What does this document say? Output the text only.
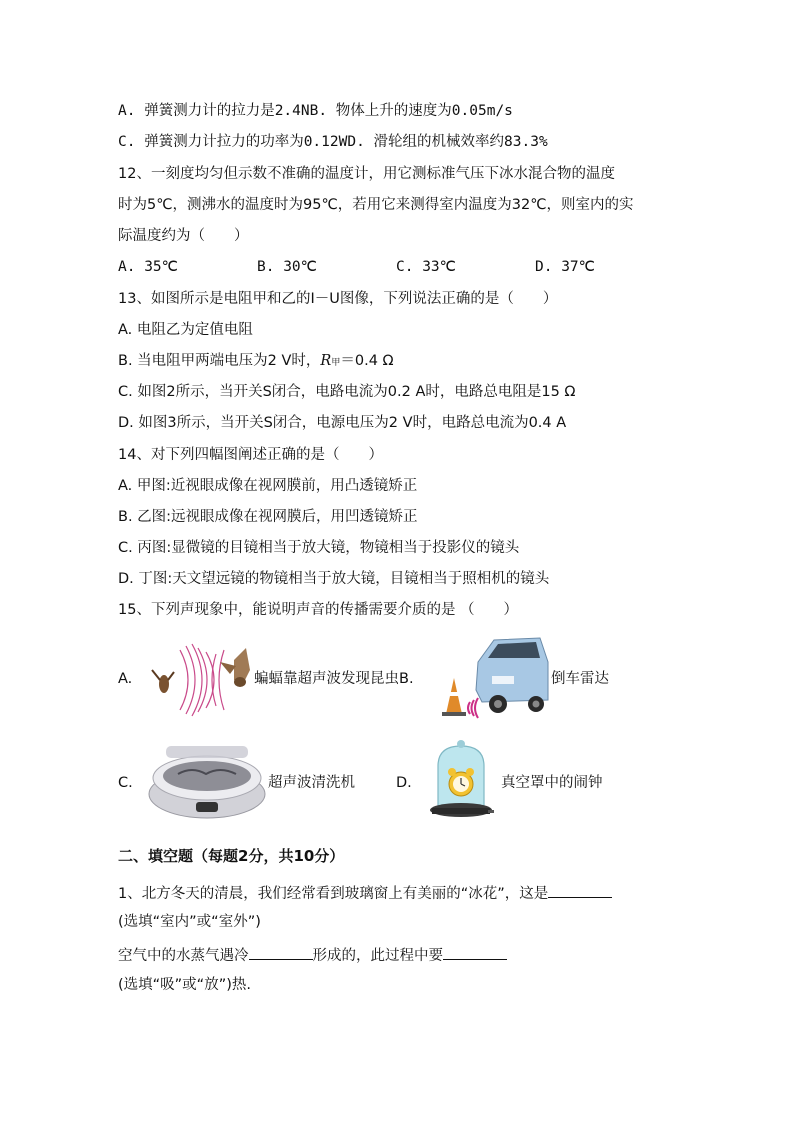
A. 弹簧测力计的拉力是2.4NB. 物体上升的速度为0.05m/s
C. 弹簧测力计拉力的功率为0.12WD. 滑轮组的机械效率约83.3%
12、一刻度均匀但示数不准确的温度计，用它测标准气压下冰水混合物的温度
时为5℃，测沸水的温度时为95℃，若用它来测得室内温度为32℃，则室内的实
际温度约为（　　）
A. 35℃	B. 30℃	C. 33℃	D. 37℃
13、如图所示是电阻甲和乙的I－U图像，下列说法正确的是（　　）
A. 电阻乙为定值电阻
B. 当电阻甲两端电压为2 V时，R甲＝0.4 Ω
C. 如图2所示，当开关S闭合，电路电流为0.2 A时，电路总电阻是15 Ω
D. 如图3所示，当开关S闭合，电源电压为2 V时，电路总电流为0.4 A
14、对下列四幅图阐述正确的是（　　）
A. 甲图:近视眼成像在视网膜前，用凸透镜矫正
B. 乙图:远视眼成像在视网膜后，用凹透镜矫正
C. 丙图:显微镜的目镜相当于放大镜，物镜相当于投影仪的镜头
D. 丁图:天文望远镜的物镜相当于放大镜，目镜相当于照相机的镜头
15、下列声现象中，能说明声音的传播需要介质的是 （　　）
A.	蝙蝠靠超声波发现昆虫B.	倒车雷达
C.	超声波清洗机	D.	真空罩中的闹钟
二、填空题（每题2分，共10分）
1、北方冬天的清晨，我们经常看到玻璃窗上有美丽的“冰花”，这是
(选填“室内”或“室外”)
空气中的水蒸气遇冷	形成的，此过程中要
(选填“吸”或“放”)热.
